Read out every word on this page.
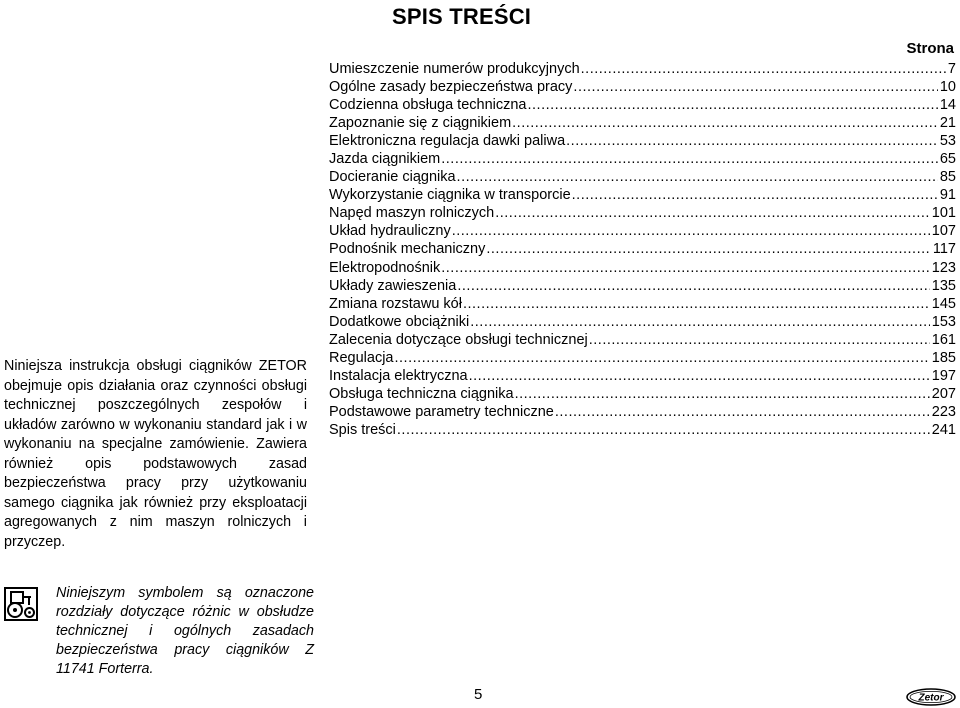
SPIS TREŚCI
Strona
Umieszczenie numerów produkcyjnych .....	7
Ogólne zasady bezpieczeństwa pracy .....	10
Codzienna obsługa techniczna .....	14
Zapoznanie się z ciągnikiem .....	21
Elektroniczna regulacja dawki paliwa .....	53
Jazda ciągnikiem .....	65
Docieranie ciągnika .....	85
Wykorzystanie ciągnika w transporcie .....	91
Napęd maszyn rolniczych .....	101
Układ hydrauliczny .....	107
Podnośnik mechaniczny .....	117
Elektropodnośnik .....	123
Układy zawieszenia .....	135
Zmiana rozstawu kół .....	145
Dodatkowe obciążniki .....	153
Zalecenia dotyczące obsługi technicznej .....	161
Regulacja .....	185
Instalacja elektryczna .....	197
Obsługa techniczna ciągnika .....	207
Podstawowe parametry techniczne .....	223
Spis treści .....	241

Niniejsza instrukcja obsługi ciągników ZETOR obejmuje opis działania oraz czynności obsługi technicznej poszczególnych zespołów i układów zarówno w wykonaniu standard jak i w wykonaniu na specjalne zamówienie. Zawiera również opis podstawowych zasad bezpieczeństwa pracy przy użytkowaniu samego ciągnika jak również przy eksploatacji agregowanych z nim maszyn rolniczych i przyczep.

Niniejszym symbolem są oznaczone rozdziały dotyczące różnic w obsłudze technicznej i ogólnych zasadach bezpieczeństwa pracy ciągników Z 11741 Forterra.

5	Zetor
